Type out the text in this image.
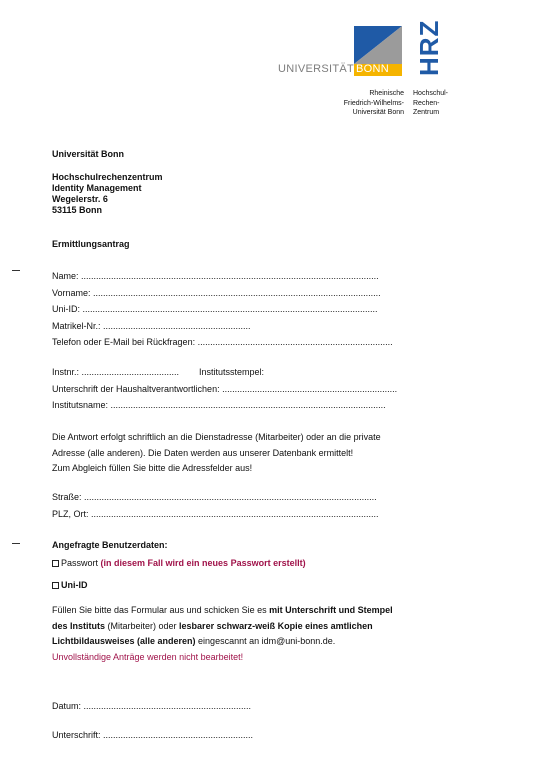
UNIVERSITÄT BONN HRZ
Rheinische
Friedrich-Wilhelms-
Universität Bonn
Hochschul-
Rechen-
Zentrum
Universität Bonn
Hochschulrechenzentrum
Identity Management
Wegelerstr. 6
53115 Bonn
Ermittlungsantrag
Name: .......................................................................................................................
Vorname: ...................................................................................................................
Uni-ID: ......................................................................................................................
Matrikel-Nr.: ...........................................................
Telefon oder E-Mail bei Rückfragen: ..............................................................................
Instnr.: ....................................... Institutsstempel:
Unterschrift der Haushaltverantwortlichen: ......................................................................
Institutsname: ..............................................................................................................
Die Antwort erfolgt schriftlich an die Dienstadresse (Mitarbeiter) oder an die private
Adresse (alle anderen). Die Daten werden aus unserer Datenbank ermittelt!
Zum Abgleich füllen Sie bitte die Adressfelder aus!
Straße: .....................................................................................................................
PLZ, Ort: ...................................................................................................................
Angefragte Benutzerdaten:
Passwort (in diesem Fall wird ein neues Passwort erstellt)
Uni-ID
Füllen Sie bitte das Formular aus und schicken Sie es mit Unterschrift und Stempel
des Instituts (Mitarbeiter) oder lesbarer schwarz-weiß Kopie eines amtlichen
Lichtbildausweises (alle anderen) eingescannt an idm@uni-bonn.de.
Unvollständige Anträge werden nicht bearbeitet!
Datum: ...................................................................
Unterschrift: ............................................................
